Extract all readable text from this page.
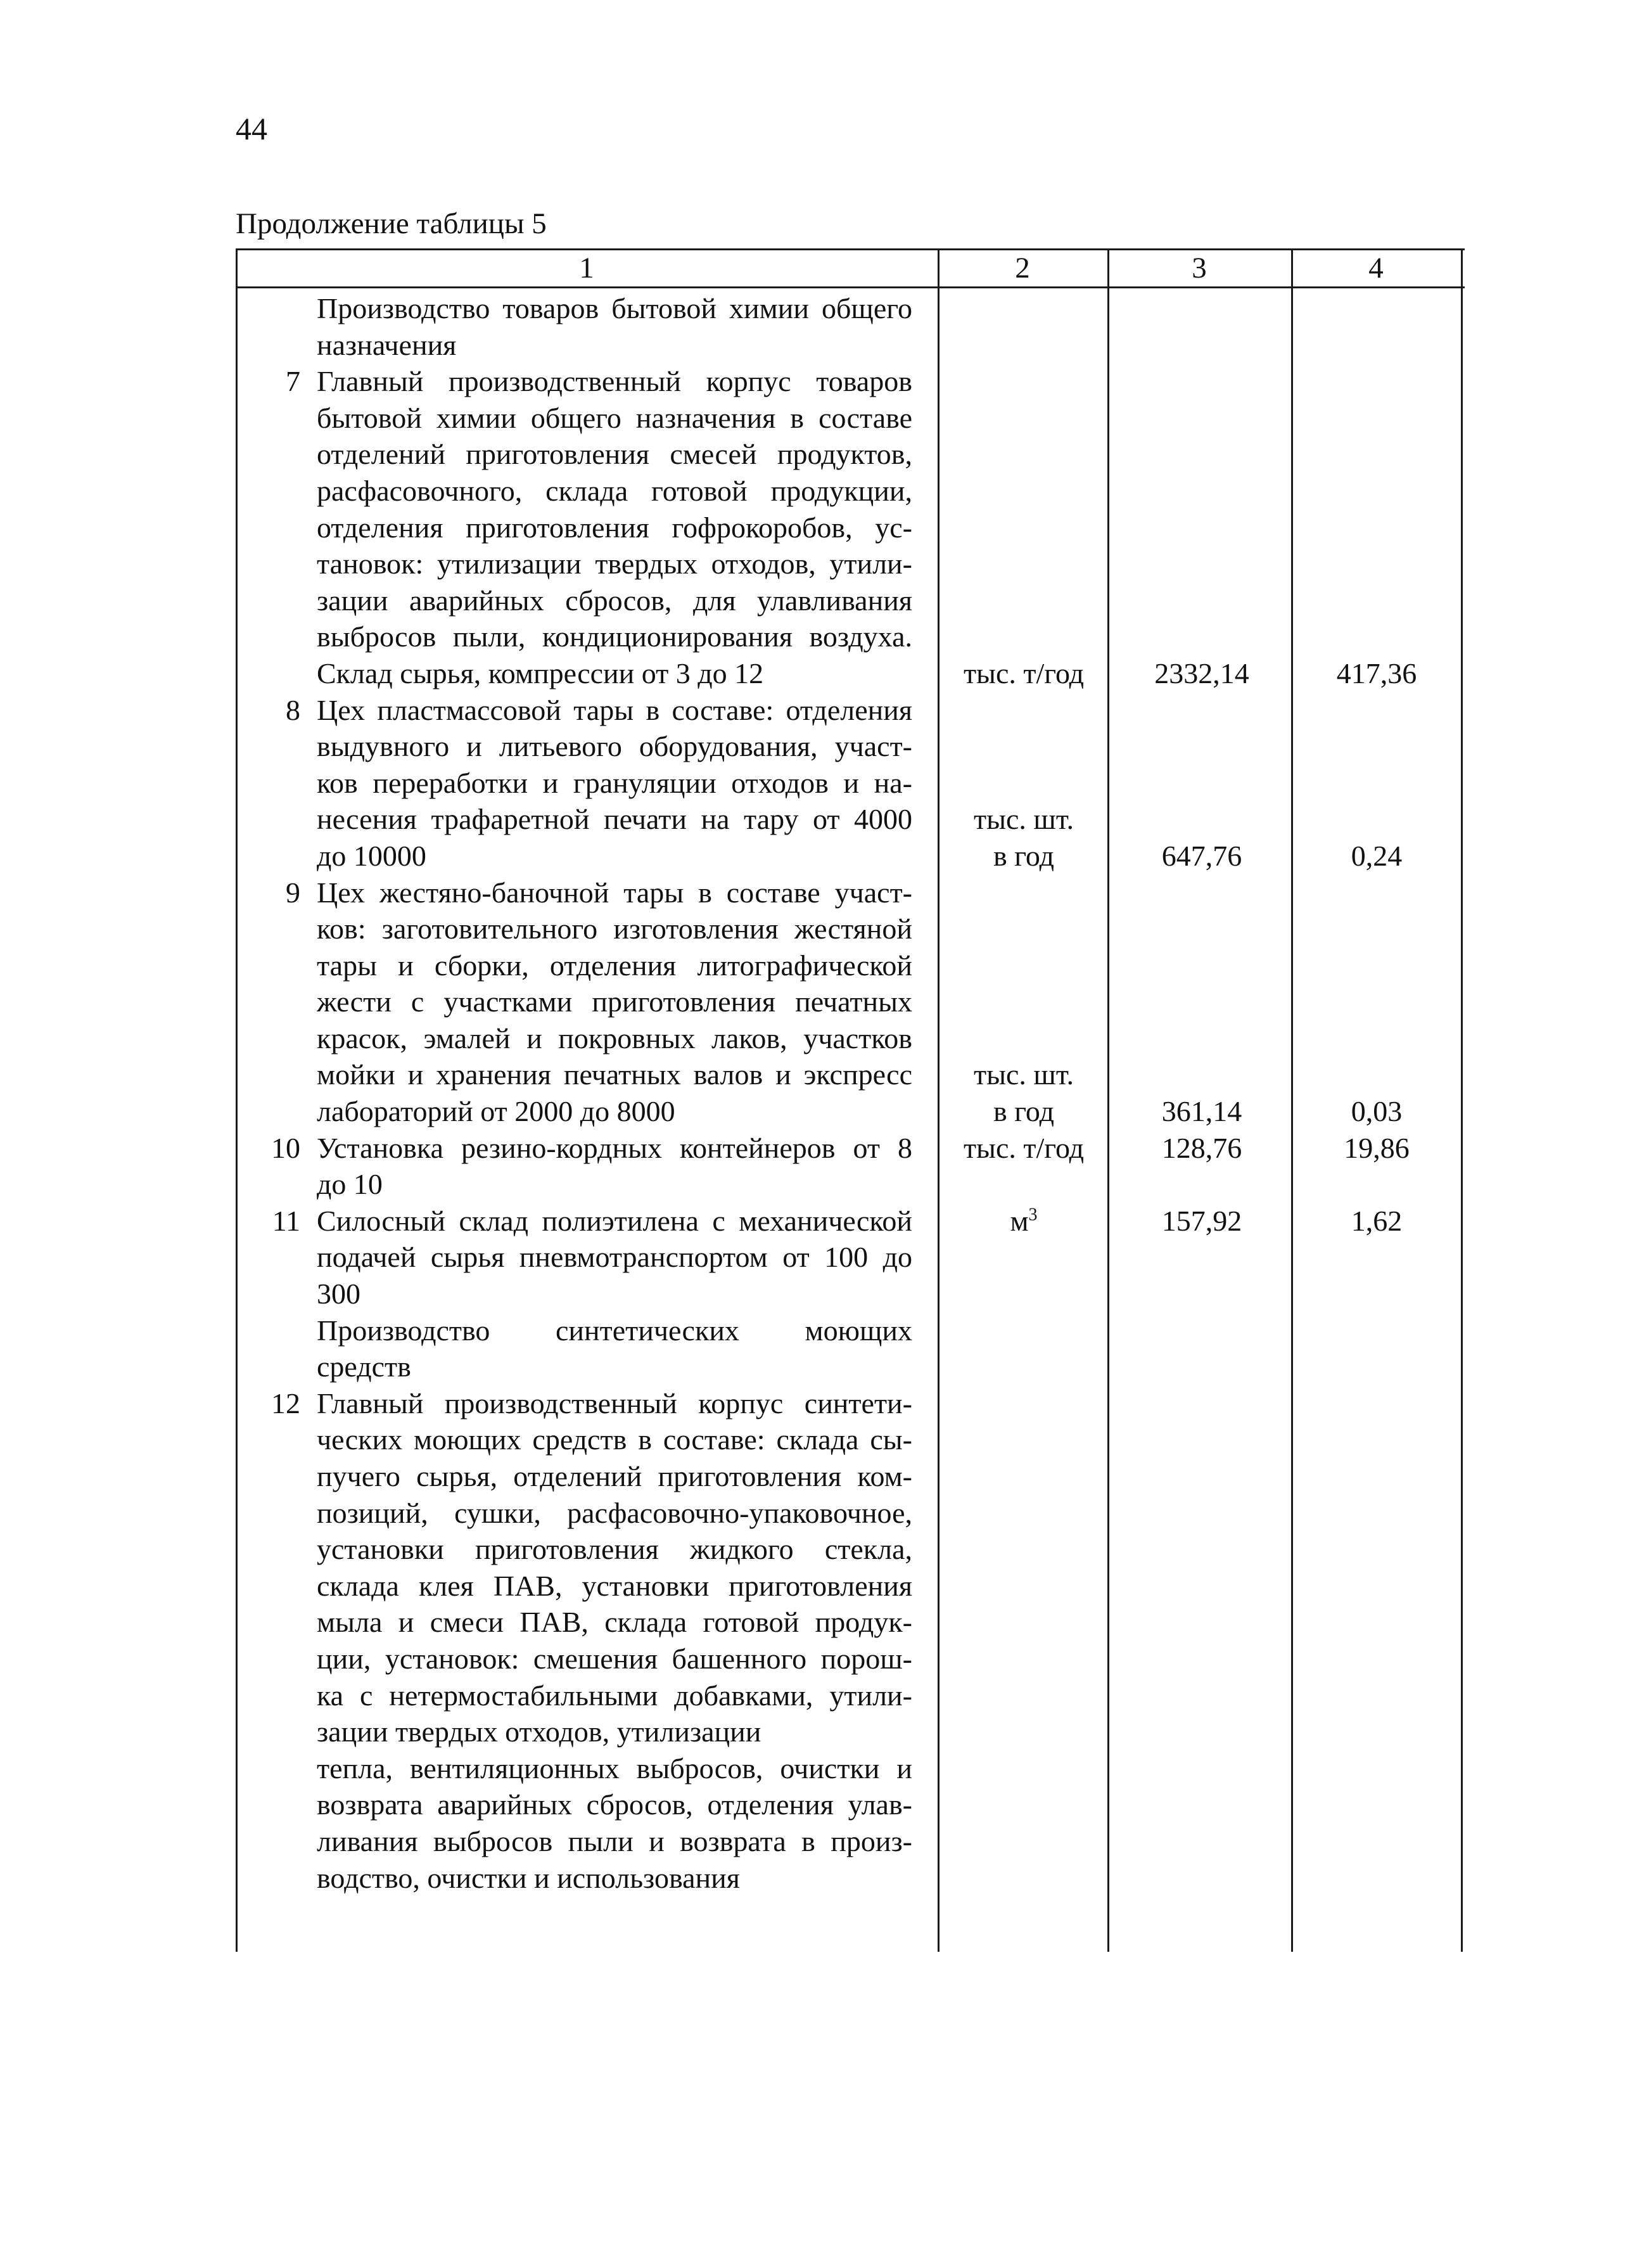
44
Продолжение таблицы 5
1	2	3	4
Производство товаров бытовой химии общего
назначения
7 Главный производственный корпус товаров
бытовой химии общего назначения в составе
отделений приготовления смесей продуктов,
расфасовочного, склада готовой продукции,
отделения приготовления гофрокоробов, ус-
тановок: утилизации твердых отходов, утили-
зации аварийных сбросов, для улавливания
выбросов пыли, кондиционирования воздуха.
Склад сырья, компрессии от 3 до 12	тыс. т/год	2332,14	417,36
8 Цех пластмассовой тары в составе: отделения
выдувного и литьевого оборудования, участ-
ков переработки и грануляции отходов и на-
несения трафаретной печати на тару от 4000	тыс. шт.
до 10000	в год	647,76	0,24
9 Цех жестяно-баночной тары в составе участ-
ков: заготовительного изготовления жестяной
тары и сборки, отделения литографической
жести с участками приготовления печатных
красок, эмалей и покровных лаков, участков
мойки и хранения печатных валов и экспресс	тыс. шт.
лабораторий от 2000 до 8000	в год	361,14	0,03
10 Установка резино-кордных контейнеров от 8	тыс. т/год	128,76	19,86
до 10
11 Силосный склад полиэтилена с механической	$м^3$	157,92	1,62
подачей сырья пневмотранспортом от 100 до
300
Производство синтетических моющих
средств
12 Главный производственный корпус синтети-
ческих моющих средств в составе: склада сы-
пучего сырья, отделений приготовления ком-
позиций, сушки, расфасовочно-упаковочное,
установки приготовления жидкого стекла,
склада клея ПАВ, установки приготовления
мыла и смеси ПАВ, склада готовой продук-
ции, установок: смешения башенного порош-
ка с нетермостабильными добавками, утили-
зации твердых отходов, утилизации
тепла, вентиляционных выбросов, очистки и
возврата аварийных сбросов, отделения улав-
ливания выбросов пыли и возврата в произ-
водство, очистки и использования
